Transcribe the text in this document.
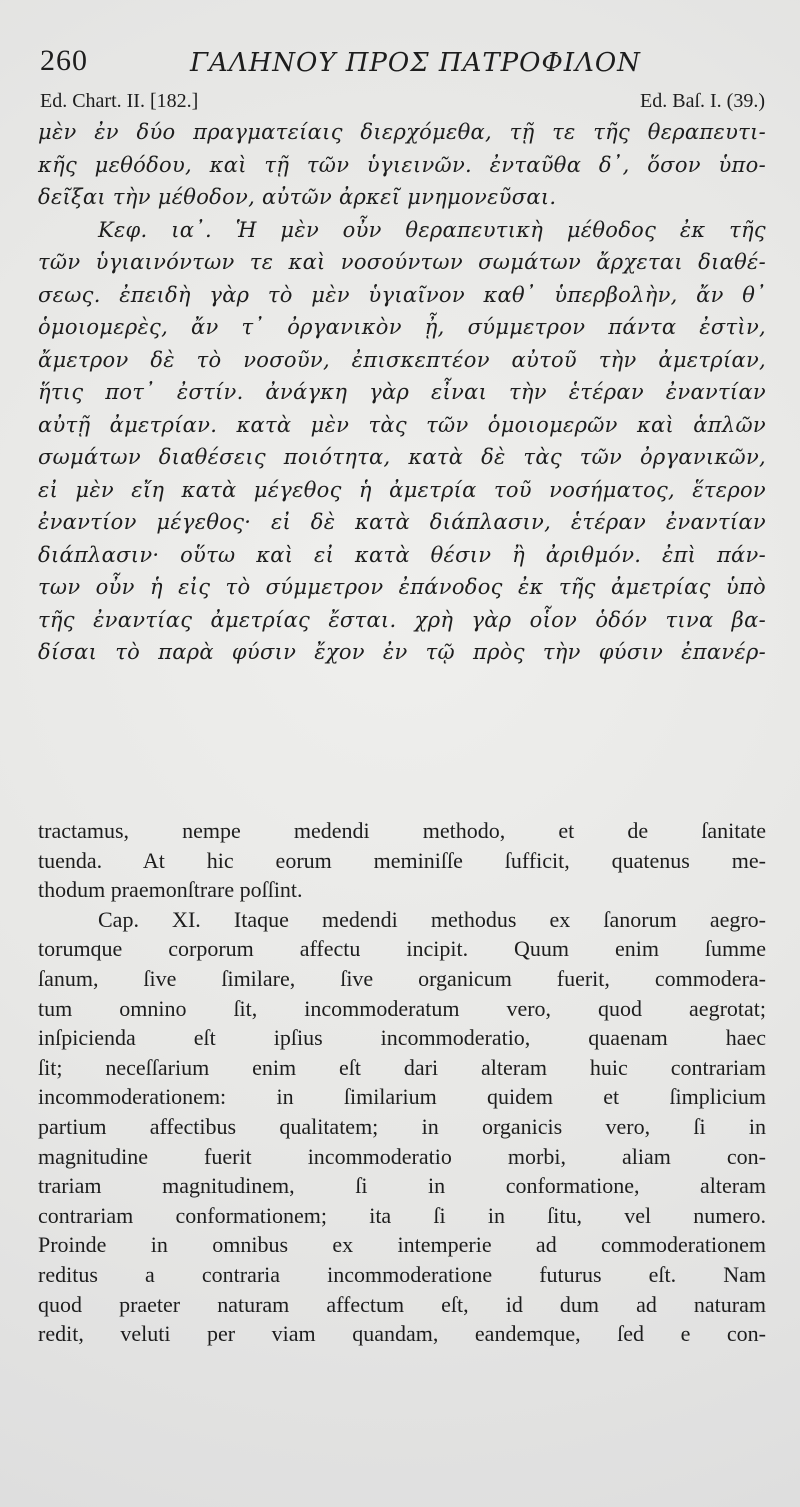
260	ΓΑΛΗΝΟΥ ΠΡΟΣ ΠΑΤΡΟΦΙΛΟΝ
Ed. Chart. II. [182.]	Ed. Baſ. I. (39.)
μὲν ἐν δύο πραγματείαις διερχόμεθα, τῇ τε τῆς θεραπευτι-
κῆς μεθόδου, καὶ τῇ τῶν ὑγιεινῶν. ἐνταῦθα δ᾽, ὅσον ὑπο-
δεῖξαι τὴν μέθοδον, αὐτῶν ἀρκεῖ μνημονεῦσαι.
Κεφ. ια᾽. Ἡ μὲν οὖν θεραπευτικὴ μέθοδος ἐκ τῆς
τῶν ὑγιαινόντων τε καὶ νοσούντων σωμάτων ἄρχεται διαθέ-
σεως. ἐπειδὴ γὰρ τὸ μὲν ὑγιαῖνον καθ᾽ ὑπερβολὴν, ἄν θ᾽
ὁμοιομερὲς, ἄν τ᾽ ὀργανικὸν ᾖ, σύμμετρον πάντα ἐστὶν,
ἄμετρον δὲ τὸ νοσοῦν, ἐπισκεπτέον αὐτοῦ τὴν ἀμετρίαν,
ἥτις ποτ᾽ ἐστίν. ἀνάγκη γὰρ εἶναι τὴν ἑτέραν ἐναντίαν
αὐτῇ ἀμετρίαν. κατὰ μὲν τὰς τῶν ὁμοιομερῶν καὶ ἁπλῶν
σωμάτων διαθέσεις ποιότητα, κατὰ δὲ τὰς τῶν ὀργανικῶν,
εἰ μὲν εἴη κατὰ μέγεθος ἡ ἀμετρία τοῦ νοσήματος, ἕτερον
ἐναντίον μέγεθος· εἰ δὲ κατὰ διάπλασιν, ἑτέραν ἐναντίαν
διάπλασιν· οὕτω καὶ εἰ κατὰ θέσιν ἢ ἀριθμόν. ἐπὶ πάν-
των οὖν ἡ εἰς τὸ σύμμετρον ἐπάνοδος ἐκ τῆς ἀμετρίας ὑπὸ
τῆς ἐναντίας ἀμετρίας ἔσται. χρὴ γὰρ οἷον ὁδόν τινα βα-
δίσαι τὸ παρὰ φύσιν ἔχον ἐν τῷ πρὸς τὴν φύσιν ἐπανέρ-
tractamus, nempe medendi methodo, et de ſanitate
tuenda. At hic eorum meminiſſe ſufficit, quatenus me-
thodum praemonſtrare poſſint.
Cap. XI. Itaque medendi methodus ex ſanorum aegro-
torumque corporum affectu incipit. Quum enim ſumme
ſanum, ſive ſimilare, ſive organicum fuerit, commodera-
tum omnino ſit, incommoderatum vero, quod aegrotat;
inſpicienda eſt ipſius incommoderatio, quaenam haec
ſit; neceſſarium enim eſt dari alteram huic contrariam
incommoderationem: in ſimilarium quidem et ſimplicium
partium affectibus qualitatem; in organicis vero, ſi in
magnitudine fuerit incommoderatio morbi, aliam con-
trariam magnitudinem, ſi in conformatione, alteram
contrariam conformationem; ita ſi in ſitu, vel numero.
Proinde in omnibus ex intemperie ad commoderationem
reditus a contraria incommoderatione futurus eſt. Nam
quod praeter naturam affectum eſt, id dum ad naturam
redit, veluti per viam quandam, eandemque, ſed e con-
